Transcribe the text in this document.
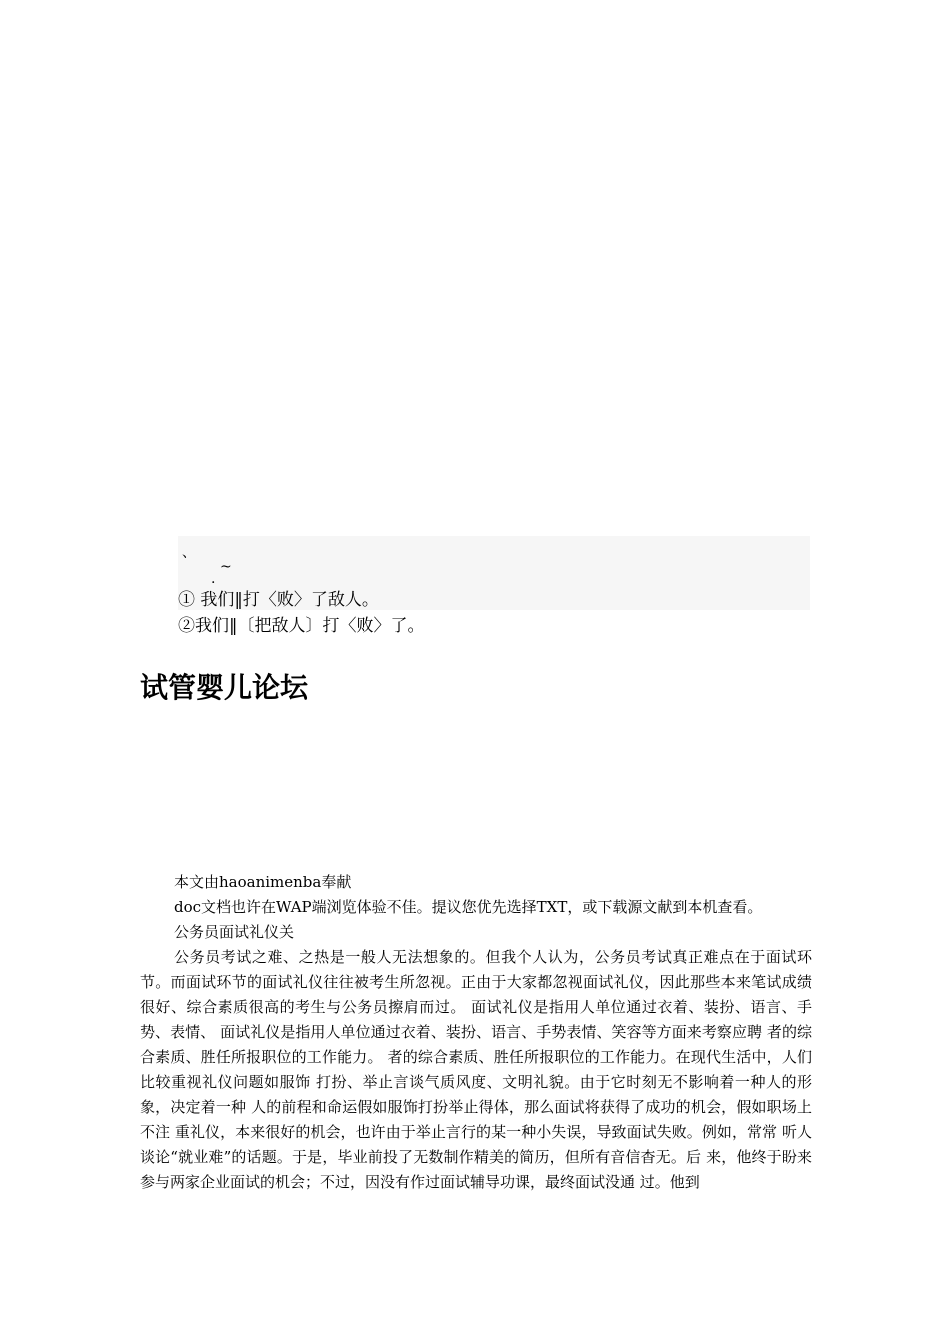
、
~
.
① 我们‖打〈败〉了敌人。
②我们‖〔把敌人〕打〈败〉了。
试管婴儿论坛

本文由haoanimenba奉献

doc文档也许在WAP端浏览体验不佳。提议您优先选择TXT，或下载源文献到本机查看。

公务员面试礼仪关

公务员考试之难、之热是一般人无法想象的。但我个人认为，公务员考试真正难点在于面试环节。而面试环节的面试礼仪往往被考生所忽视。正由于大家都忽视面试礼仪，因此那些本来笔试成绩很好、综合素质很高的考生与公务员擦肩而过。 面试礼仪是指用人单位通过衣着、装扮、语言、手势、表情、 面试礼仪是指用人单位通过衣着、装扮、语言、手势表情、笑容等方面来考察应聘 者的综合素质、胜任所报职位的工作能力。 者的综合素质、胜任所报职位的工作能力。在现代生活中，人们比较重视礼仪问题如服饰 打扮、举止言谈气质风度、文明礼貌。由于它时刻无不影响着一种人的形象，决定着一种 人的前程和命运假如服饰打扮举止得体，那么面试将获得了成功的机会，假如职场上不注 重礼仪，本来很好的机会，也许由于举止言行的某一种小失误，导致面试失败。例如，常常 听人谈论“就业难”的话题。于是，毕业前投了无数制作精美的简历，但所有音信杳无。后 来，他终于盼来参与两家企业面试的机会；不过，因没有作过面试辅导功课，最终面试没通 过。他到
